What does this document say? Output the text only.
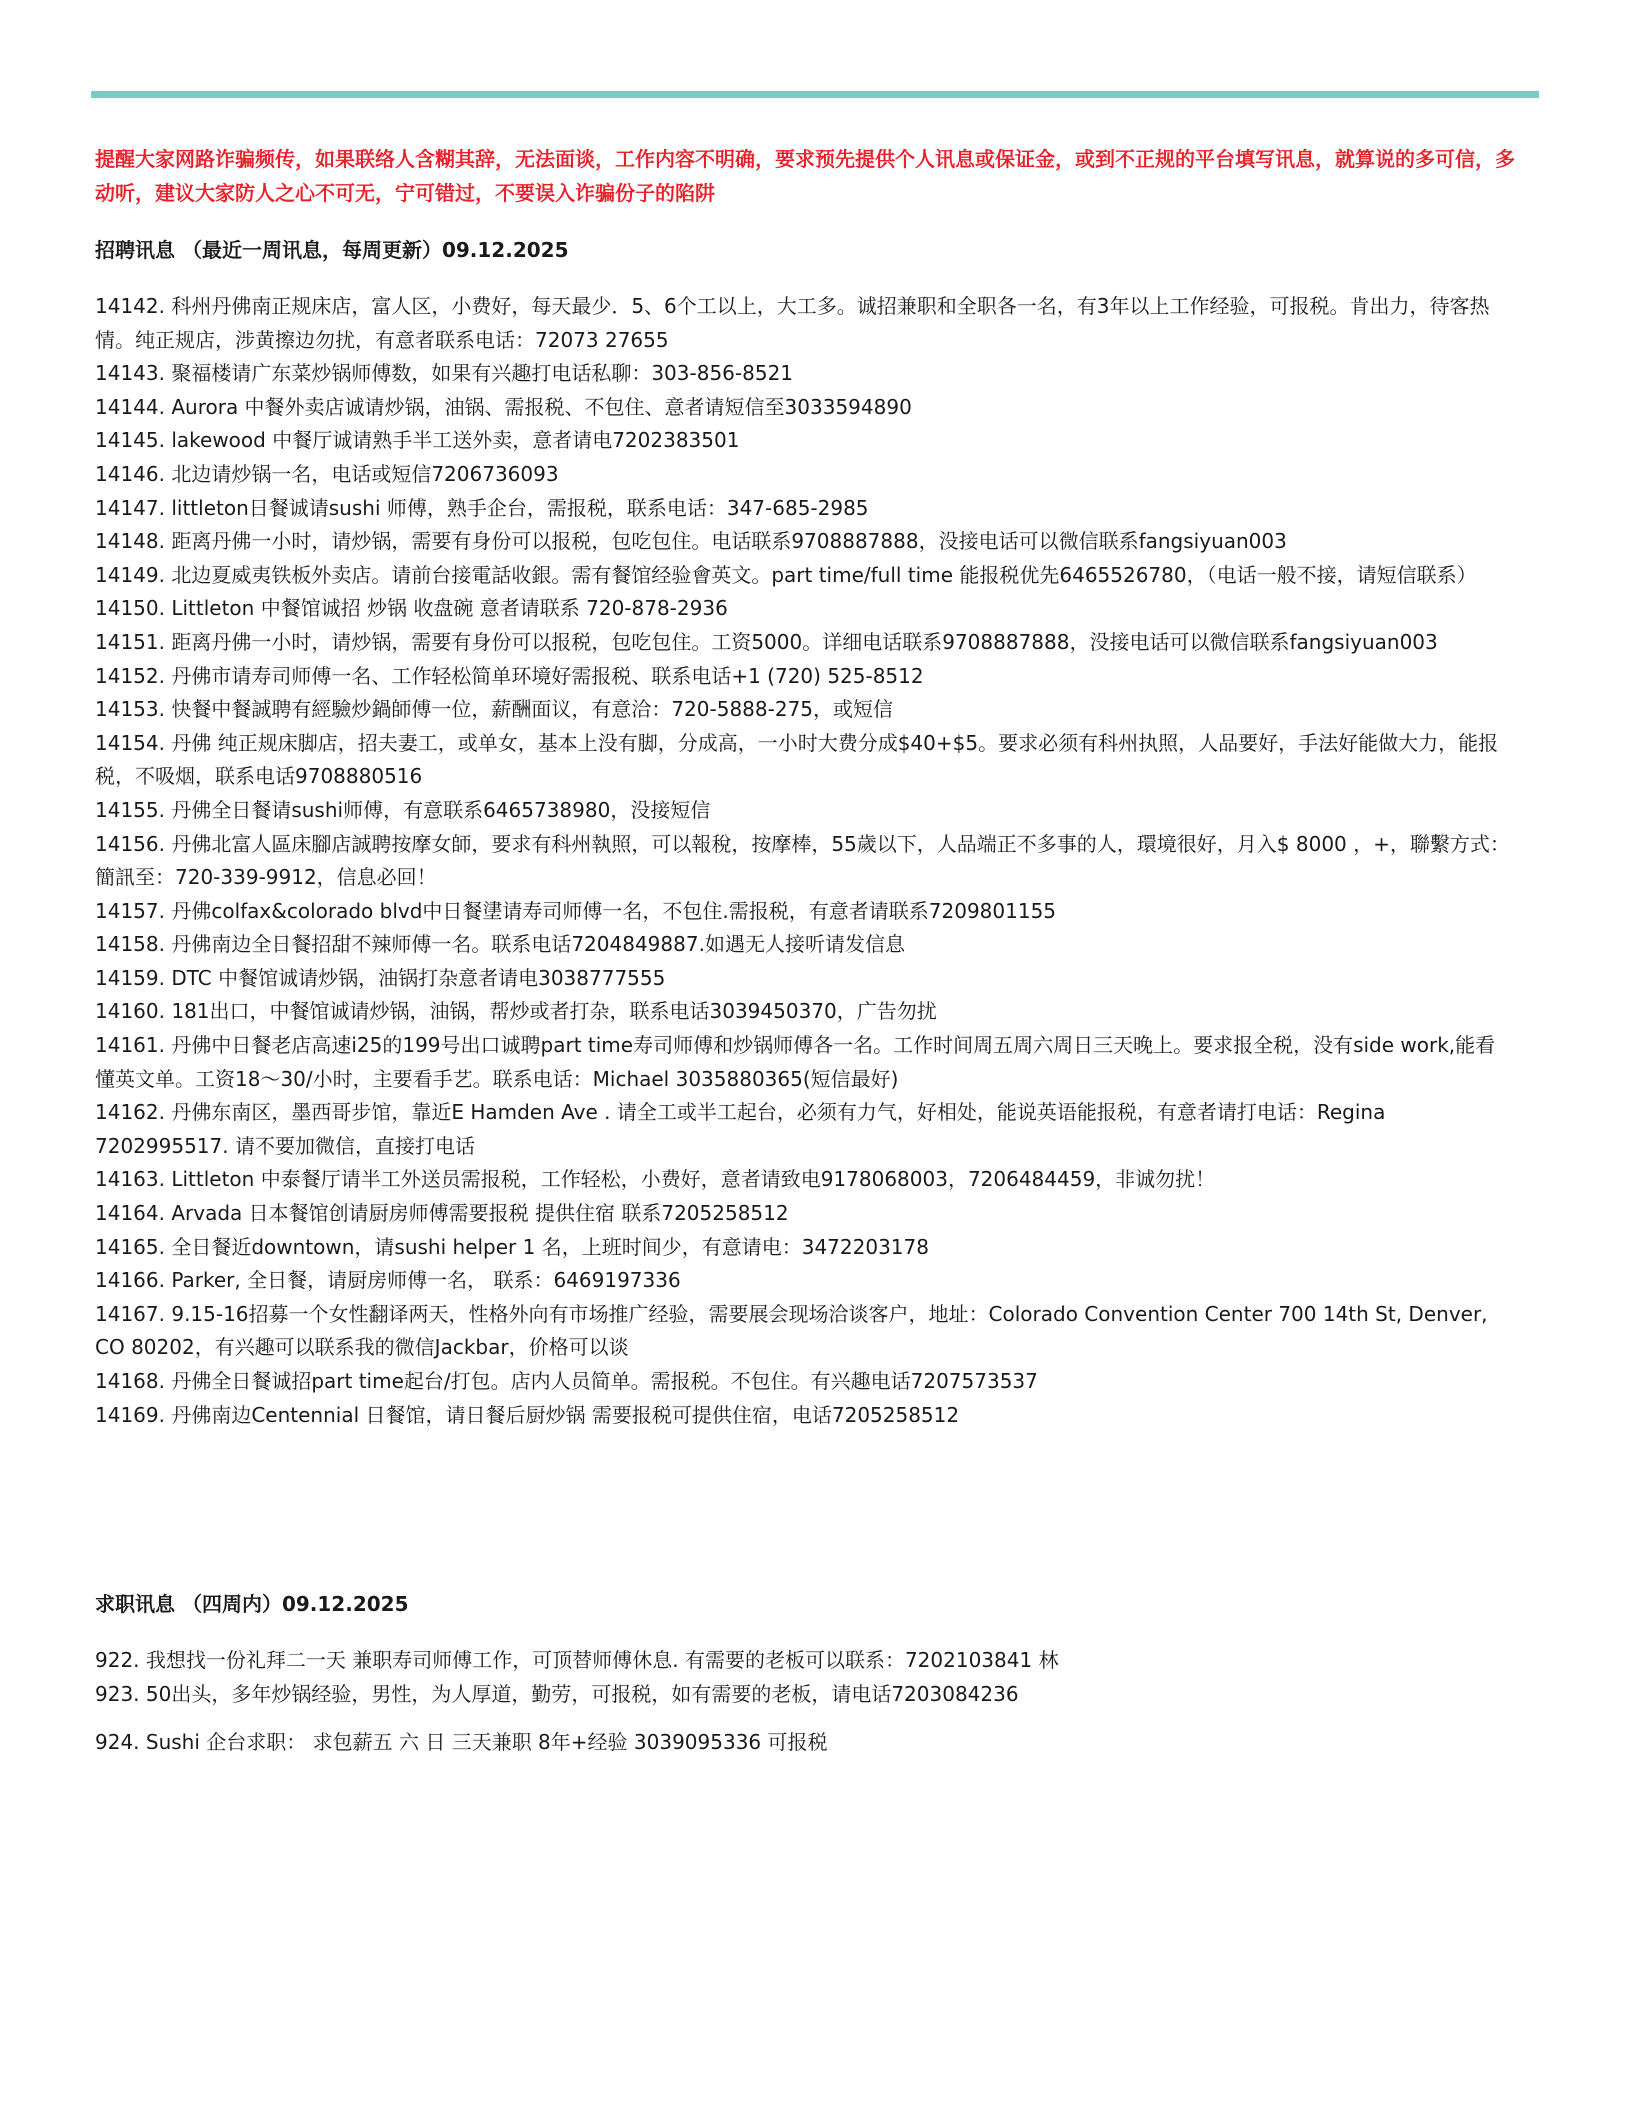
提醒大家网路诈骗频传，如果联络人含糊其辞，无法面谈，工作内容不明确，要求预先提供个人讯息或保证金，或到不正规的平台填写讯息，就算说的多可信，多动听，建议大家防人之心不可无，宁可错过，不要误入诈骗份子的陷阱
招聘讯息 （最近一周讯息，每周更新）09.12.2025
14142. 科州丹佛南正规床店，富人区，小费好，每天最少．5、6个工以上，大工多。诚招兼职和全职各一名，有3年以上工作经验，可报税。肯出力，待客热情。纯正规店，涉黄擦边勿扰，有意者联系电话：72073 27655
14143. 聚福楼请广东菜炒锅师傅数，如果有兴趣打电话私聊：303-856-8521
14144. Aurora 中餐外卖店诚请炒锅，油锅、需报税、不包住、意者请短信至3033594890
14145. lakewood 中餐厅诚请熟手半工送外卖，意者请电7202383501
14146. 北边请炒锅一名，电话或短信7206736093
14147. littleton日餐诚请sushi 师傅，熟手企台，需报税，联系电话：347-685-2985
14148. 距离丹佛一小时，请炒锅，需要有身份可以报税，包吃包住。电话联系9708887888，没接电话可以微信联系fangsiyuan003
14149. 北边夏威夷铁板外卖店。请前台接電話收銀。需有餐馆经验會英文。part time/full time 能报税优先6465526780，（电话一般不接，请短信联系）
14150. Littleton 中餐馆诚招 炒锅 收盘碗 意者请联系 720-878-2936
14151. 距离丹佛一小时，请炒锅，需要有身份可以报税，包吃包住。工资5000。详细电话联系9708887888，没接电话可以微信联系fangsiyuan003
14152. 丹佛市请寿司师傅一名、工作轻松简单环境好需报税、联系电话+1 (720) 525-8512
14153. 快餐中餐誠聘有經驗炒鍋師傅一位，薪酬面议，有意洽：720-5888-275，或短信
14154. 丹佛 纯正规床脚店，招夫妻工，或单女，基本上没有脚，分成高，一小时大费分成$40+$5。要求必须有科州执照，人品要好，手法好能做大力，能报税，不吸烟，联系电话9708880516
14155. 丹佛全日餐请sushi师傅，有意联系6465738980，没接短信
14156. 丹佛北富人區床腳店誠聘按摩女師，要求有科州執照，可以報稅，按摩棒，55歲以下，人品端正不多事的人，環境很好，月入$ 8000 ，+，聯繫方式：簡訊至：720-339-9912，信息必回！
14157. 丹佛colfax&colorado blvd中日餐堻请寿司师傅一名，不包住.需报税，有意者请联系7209801155
14158. 丹佛南边全日餐招甜不辣师傅一名。联系电话7204849887.如遇无人接听请发信息
14159. DTC 中餐馆诚请炒锅，油锅打杂意者请电3038777555
14160. 181出口，中餐馆诚请炒锅，油锅，帮炒或者打杂，联系电话3039450370，广告勿扰
14161. 丹佛中日餐老店高速i25的199号出口诚聘part time寿司师傅和炒锅师傅各一名。工作时间周五周六周日三天晚上。要求报全税，没有side work,能看懂英文单。工资18～30/小时，主要看手艺。联系电话：Michael 3035880365(短信最好)
14162. 丹佛东南区，墨西哥步馆，靠近E Hamden Ave . 请全工或半工起台，必须有力气，好相处，能说英语能报税，有意者请打电话：Regina 7202995517. 请不要加微信，直接打电话
14163. Littleton 中泰餐厅请半工外送员需报税，工作轻松，小费好，意者请致电9178068003，7206484459，非诚勿扰！
14164. Arvada 日本餐馆创请厨房师傅需要报税 提供住宿 联系7205258512
14165. 全日餐近downtown，请sushi helper 1 名，上班时间少，有意请电：3472203178
14166. Parker, 全日餐，请厨房师傅一名， 联系：6469197336
14167. 9.15-16招募一个女性翻译两天，性格外向有市场推广经验，需要展会现场洽谈客户，地址：Colorado Convention Center 700 14th St, Denver, CO 80202，有兴趣可以联系我的微信Jackbar，价格可以谈
14168. 丹佛全日餐诚招part time起台/打包。店内人员简单。需报税。不包住。有兴趣电话7207573537
14169. 丹佛南边Centennial 日餐馆，请日餐后厨炒锅 需要报税可提供住宿，电话7205258512
求职讯息 （四周内）09.12.2025
922. 我想找一份礼拜二一天 兼职寿司师傅工作，可顶替师傅休息. 有需要的老板可以联系：7202103841 林
923. 50出头，多年炒锅经验，男性，为人厚道，勤劳，可报税，如有需要的老板，请电话7203084236
924. Sushi 企台求职： 求包薪五 六 日 三天兼职 8年+经验 3039095336 可报税
